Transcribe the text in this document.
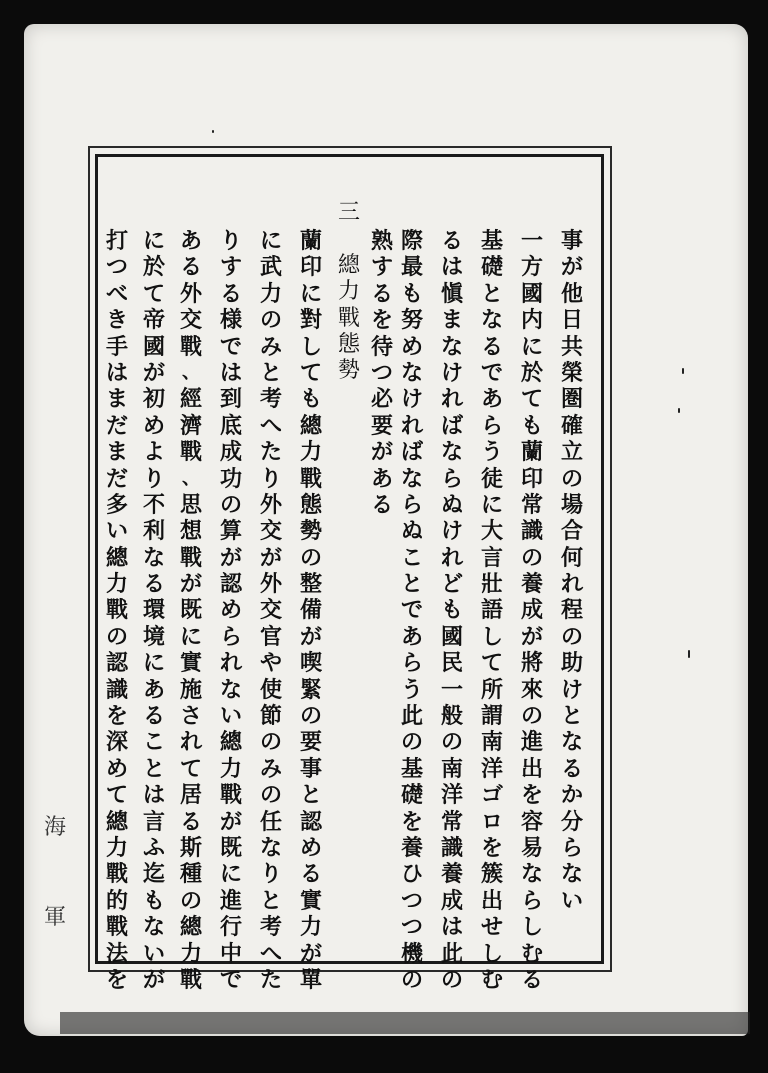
事
が
他
日
共
榮
圏
確
立
の
場
合
何
れ
程
の
助
け
と
な
る
か
分
ら
な
い
一
方
國
内
に
於
て
も
蘭
印
常
識
の
養
成
が
將
來
の
進
出
を
容
易
な
ら
し
む
る
基
礎
と
な
る
で
あ
ら
う
徒
に
大
言
壯
語
し
て
所
謂
南
洋
ゴ
ロ
を
簇
出
せ
し
む
る
は
愼
ま
な
け
れ
ば
な
ら
ぬ
け
れ
ど
も
國
民
一
般
の
南
洋
常
識
養
成
は
此
の
際
最
も
努
め
な
け
れ
ば
な
ら
ぬ
こ
と
で
あ
ら
う
此
の
基
礎
を
養
ひ
つ
つ
機
の
熟
す
る
を
待
つ
必
要
が
あ
る
三

總
力
戰
態
勢
蘭
印
に
對
し
て
も
總
力
戰
態
勢
の
整
備
が
喫
緊
の
要
事
と
認
め
る
實
力
が
單
に
武
力
の
み
と
考
へ
た
り
外
交
が
外
交
官
や
使
節
の
み
の
任
な
り
と
考
へ
た
り
す
る
様
で
は
到
底
成
功
の
算
が
認
め
ら
れ
な
い
總
力
戰
が
既
に
進
行
中
で
あ
る
外
交
戰
、
經
濟
戰
、
思
想
戰
が
既
に
實
施
さ
れ
て
居
る
斯
種
の
總
力
戰
に
於
て
帝
國
が
初
め
よ
り
不
利
な
る
環
境
に
あ
る
こ
と
は
言
ふ
迄
も
な
い
が
打
つ
べ
き
手
は
ま
だ
ま
だ
多
い
總
力
戰
の
認
識
を
深
め
て
總
力
戰
的
戰
法
を
海
軍
